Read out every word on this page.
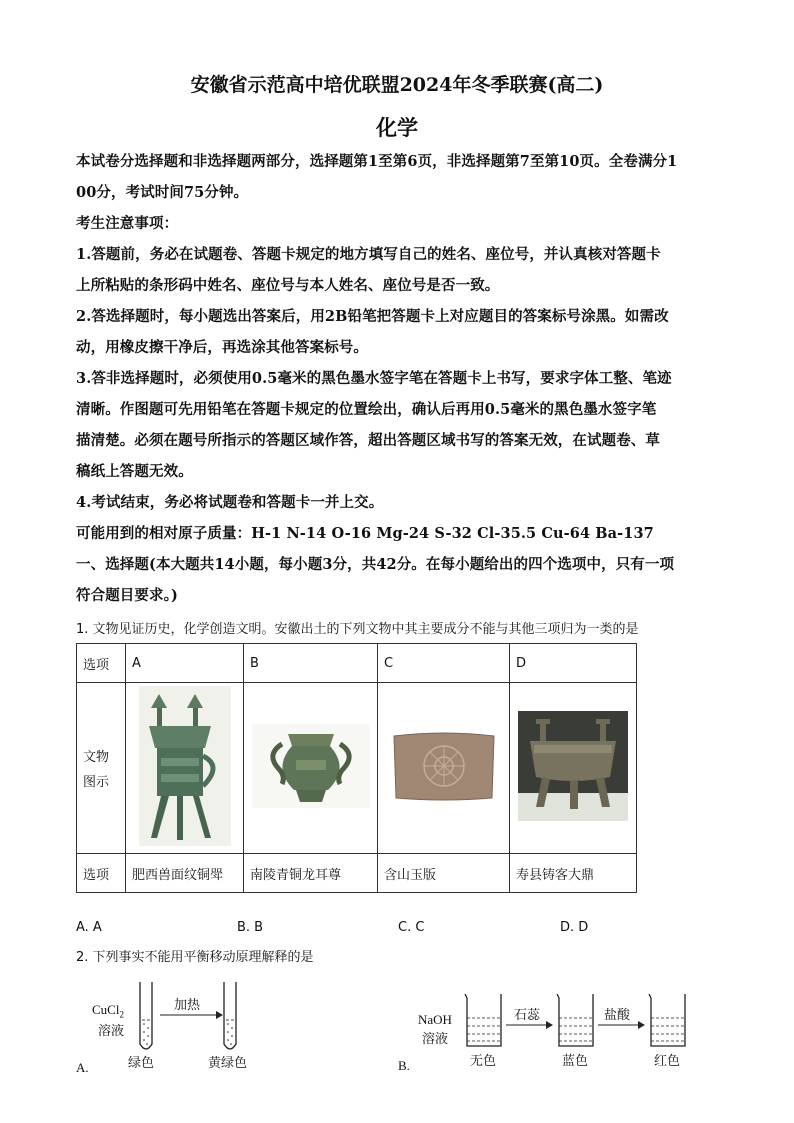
安徽省示范高中培优联盟2024年冬季联赛(高二)
化学
本试卷分选择题和非选择题两部分，选择题第1至第6页，非选择题第7至第10页。全卷满分1
00分，考试时间75分钟。
考生注意事项：
1.答题前，务必在试题卷、答题卡规定的地方填写自己的姓名、座位号，并认真核对答题卡
上所粘贴的条形码中姓名、座位号与本人姓名、座位号是否一致。
2.答选择题时，每小题选出答案后，用2B铅笔把答题卡上对应题目的答案标号涂黑。如需改
动，用橡皮擦干净后，再选涂其他答案标号。
3.答非选择题时，必须使用0.5毫米的黑色墨水签字笔在答题卡上书写，要求字体工整、笔迹
清晰。作图题可先用铅笔在答题卡规定的位置绘出，确认后再用0.5毫米的黑色墨水签字笔
描清楚。必须在题号所指示的答题区域作答，超出答题区域书写的答案无效，在试题卷、草
稿纸上答题无效。
4.考试结束，务必将试题卷和答题卡一并上交。
可能用到的相对原子质量：H-1 N-14 O-16 Mg-24 S-32 Cl-35.5 Cu-64 Ba-137
一、选择题(本大题共14小题，每小题3分，共42分。在每小题给出的四个选项中，只有一项
符合题目要求。)
1. 文物见证历史，化学创造文明。安徽出土的下列文物中其主要成分不能与其他三项归为一类的是
选项	A	B	C	D

文物
图示

选项	肥西兽面纹铜斝	南陵青铜龙耳尊	含山玉版	寿县铸客大鼎
A. A	B. B	C. C	D. D
2. 下列事实不能用平衡移动原理解释的是
CuCl$_2$
溶液
加热
绿色	黄绿色
A.
NaOH
溶液
石蕊	盐酸
无色	蓝色	红色
B.
